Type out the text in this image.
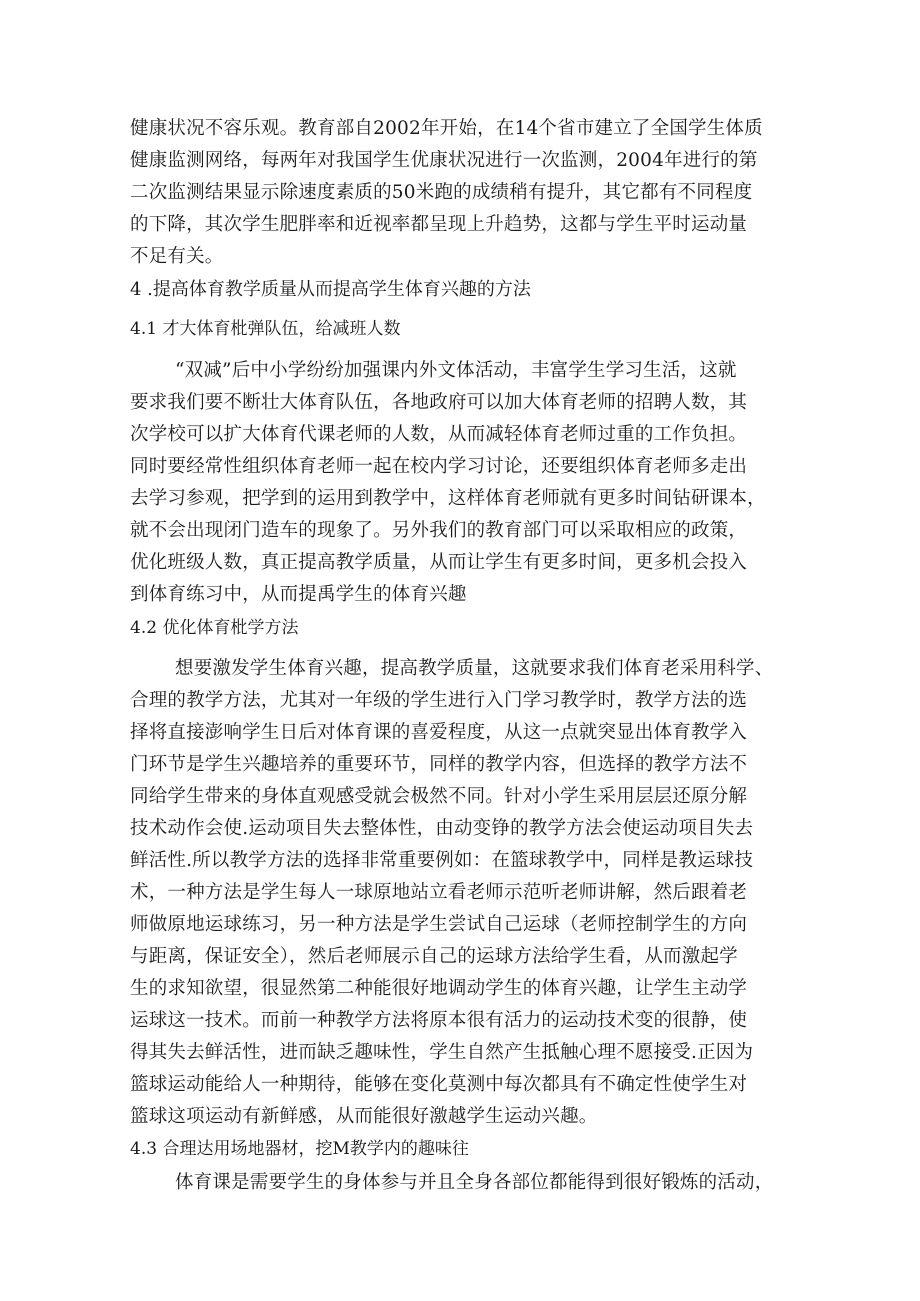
健康状况不容乐观。教育部自2002年开始，在14个省市建立了全国学生体质
健康监测网络，每两年对我国学生优康状况进行一次监测，2004年进行的第
二次监测结果显示除速度素质的50米跑的成绩稍有提升，其它都有不同程度
的下降，其次学生肥胖率和近视率都呈现上升趋势，这都与学生平时运动量
不足有关。
4 .提高体育教学质量从而提高学生体育兴趣的方法
4.1 才大体育枇弹队伍，给减班人数
“双减”后中小学纷纷加强课内外文体活动，丰富学生学习生活，这就
要求我们要不断壮大体育队伍，各地政府可以加大体育老师的招聘人数，其
次学校可以扩大体育代课老师的人数，从而减轻体育老师过重的工作负担。
同时要经常性组织体育老师一起在校内学习讨论，还要组织体育老师多走出
去学习参观，把学到的运用到教学中，这样体育老师就有更多时间钻研课本，
就不会出现闭门造车的现象了。另外我们的教育部门可以采取相应的政策，
优化班级人数，真正提高教学质量，从而让学生有更多时间，更多机会投入
到体育练习中，从而提禹学生的体育兴趣
4.2 优化体育枇学方法
想要激发学生体育兴趣，提高教学质量，这就要求我们体育老采用科学、
合理的教学方法，尤其对一年级的学生进行入门学习教学时，教学方法的选
择将直接澎响学生日后对体育课的喜爱程度，从这一点就突显出体育教学入
门环节是学生兴趣培养的重要环节，同样的教学内容，但选择的教学方法不
同给学生带来的身体直观感受就会极然不同。针对小学生采用层层还原分解
技术动作会使.运动项目失去整体性，由动变铮的教学方法会使运动项目失去
鲜活性.所以教学方法的选择非常重要例如：在篮球教学中，同样是教运球技
术，一种方法是学生每人一球原地站立看老师示范听老师讲解，然后跟着老
师做原地运球练习，另一种方法是学生尝试自己运球（老师控制学生的方向
与距离，保证安全），然后老师展示自己的运球方法给学生看，从而激起学
生的求知欲望，很显然第二种能很好地调动学生的体育兴趣，让学生主动学
运球这一技术。而前一种教学方法将原本很有活力的运动技术变的很静，使
得其失去鲜活性，进而缺乏趣味性，学生自然产生抵触心理不愿接受.正因为
篮球运动能给人一种期待，能够在变化莫测中每次都具有不确定性使学生对
篮球这项运动有新鲜感，从而能很好激越学生运动兴趣。
4.3 合理达用场地器材，挖M教学内的趣味往
体育课是需要学生的身体参与并且全身各部位都能得到很好锻炼的活动，
